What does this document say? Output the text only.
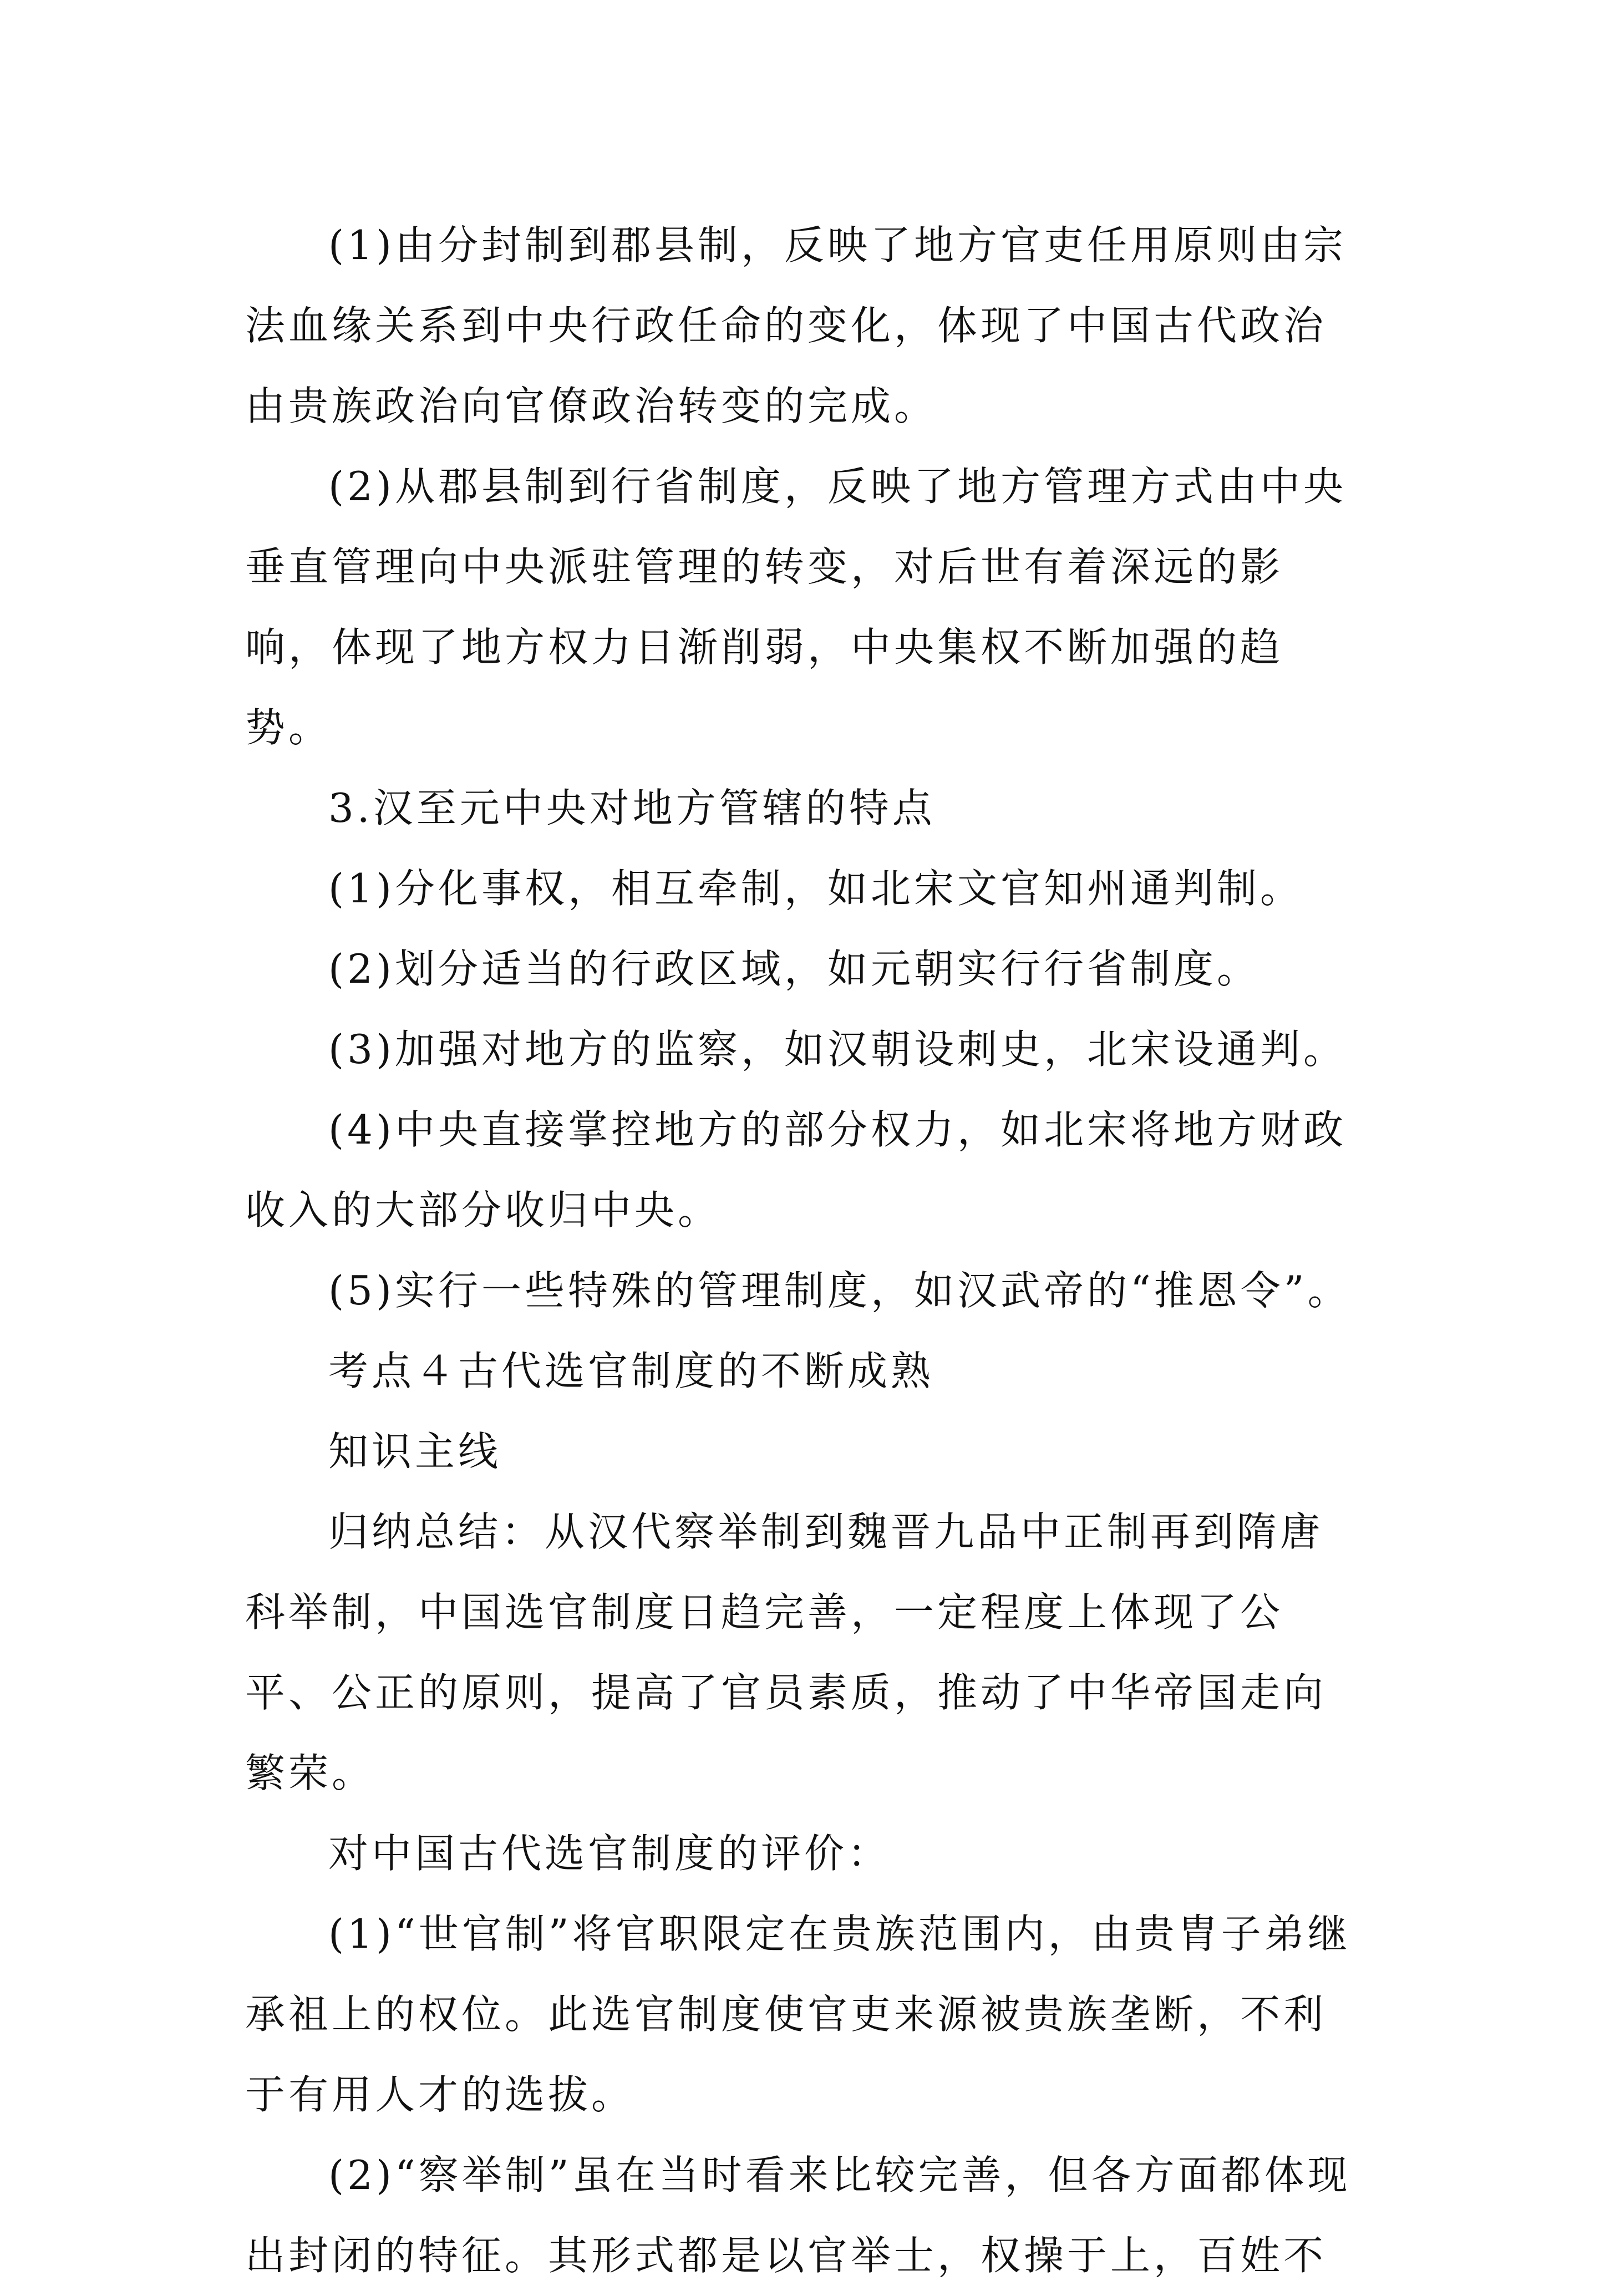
(1)由分封制到郡县制，反映了地方官吏任用原则由宗法血缘关系到中央行政任命的变化，体现了中国古代政治由贵族政治向官僚政治转变的完成。

(2)从郡县制到行省制度，反映了地方管理方式由中央垂直管理向中央派驻管理的转变，对后世有着深远的影响，体现了地方权力日渐削弱，中央集权不断加强的趋势。

3.汉至元中央对地方管辖的特点

(1)分化事权，相互牵制，如北宋文官知州通判制。

(2)划分适当的行政区域，如元朝实行行省制度。

(3)加强对地方的监察，如汉朝设刺史，北宋设通判。

(4)中央直接掌控地方的部分权力，如北宋将地方财政收入的大部分收归中央。

(5)实行一些特殊的管理制度，如汉武帝的“推恩令”。

考点４古代选官制度的不断成熟

知识主线

归纳总结：从汉代察举制到魏晋九品中正制再到隋唐科举制，中国选官制度日趋完善，一定程度上体现了公平、公正的原则，提高了官员素质，推动了中华帝国走向繁荣。

对中国古代选官制度的评价：

(1)“世官制”将官职限定在贵族范围内，由贵胄子弟继承祖上的权位。此选官制度使官吏来源被贵族垄断，不利于有用人才的选拔。

(2)“察举制”虽在当时看来比较完善，但各方面都体现出封闭的特征。其形式都是以官举士，权操于上，百姓不
